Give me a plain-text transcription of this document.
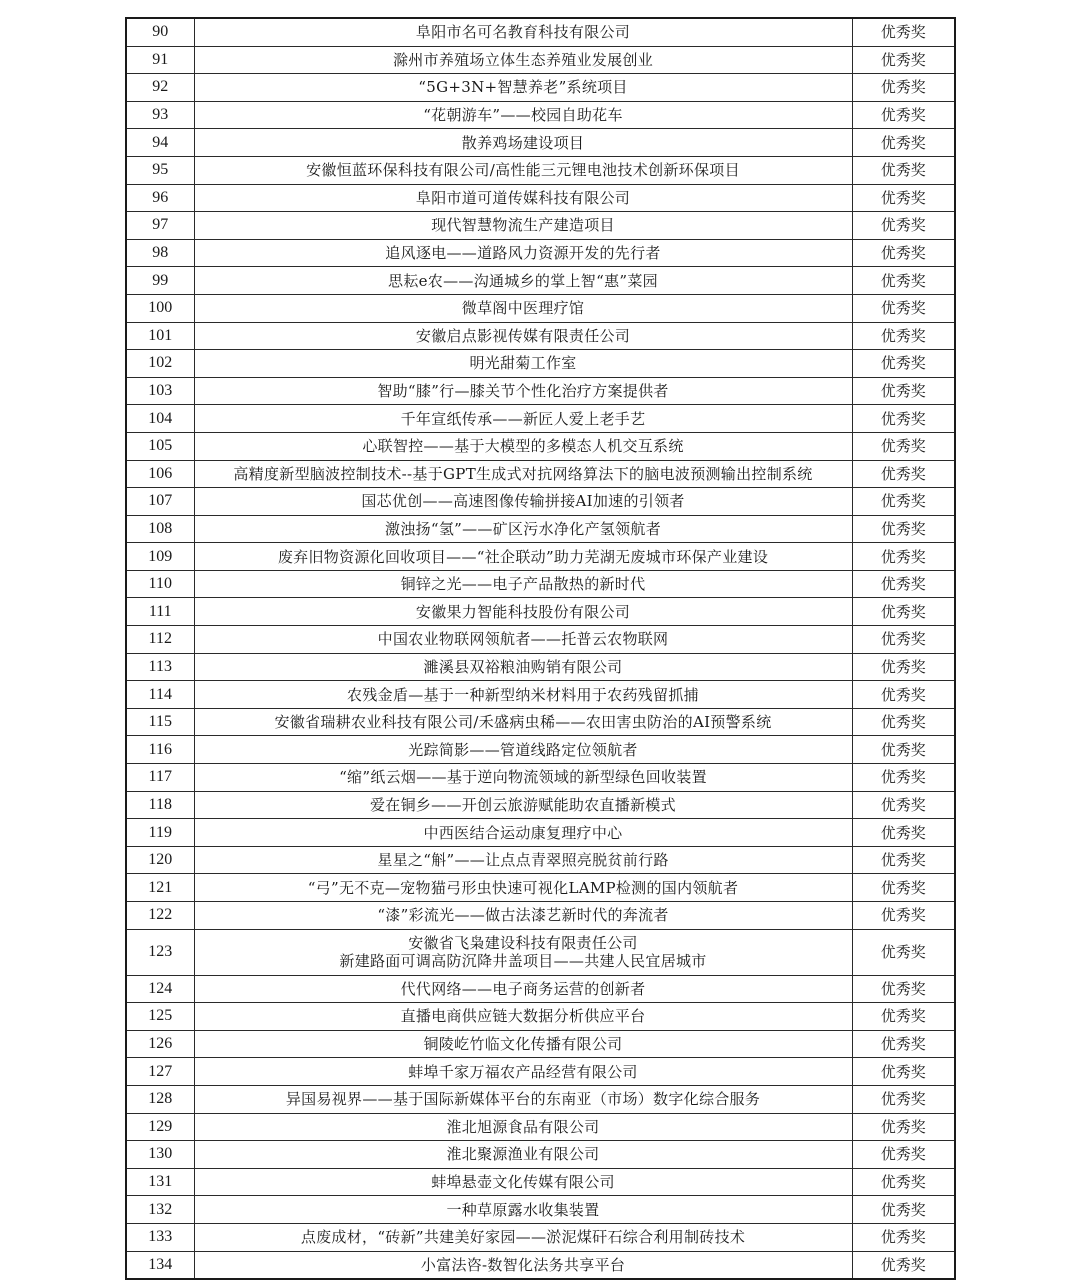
90	阜阳市名可名教育科技有限公司	优秀奖
91	滁州市养殖场立体生态养殖业发展创业	优秀奖
92	“5G+3N+智慧养老”系统项目	优秀奖
93	“花朝游车”——校园自助花车	优秀奖
94	散养鸡场建设项目	优秀奖
95	安徽恒蓝环保科技有限公司/高性能三元锂电池技术创新环保项目	优秀奖
96	阜阳市道可道传媒科技有限公司	优秀奖
97	现代智慧物流生产建造项目	优秀奖
98	追风逐电——道路风力资源开发的先行者	优秀奖
99	思耘e农——沟通城乡的掌上智“惠”菜园	优秀奖
100	微草阁中医理疗馆	优秀奖
101	安徽启点影视传媒有限责任公司	优秀奖
102	明光甜菊工作室	优秀奖
103	智助“膝”行—膝关节个性化治疗方案提供者	优秀奖
104	千年宣纸传承——新匠人爱上老手艺	优秀奖
105	心联智控——基于大模型的多模态人机交互系统	优秀奖
106	高精度新型脑波控制技术--基于GPT生成式对抗网络算法下的脑电波预测输出控制系统	优秀奖
107	国芯优创——高速图像传输拼接AI加速的引领者	优秀奖
108	激浊扬“氢”——矿区污水净化产氢领航者	优秀奖
109	废弃旧物资源化回收项目——“社企联动”助力芜湖无废城市环保产业建设	优秀奖
110	铜锌之光——电子产品散热的新时代	优秀奖
111	安徽果力智能科技股份有限公司	优秀奖
112	中国农业物联网领航者——托普云农物联网	优秀奖
113	濉溪县双裕粮油购销有限公司	优秀奖
114	农残金盾—基于一种新型纳米材料用于农药残留抓捕	优秀奖
115	安徽省瑞耕农业科技有限公司/禾盛病虫稀——农田害虫防治的AI预警系统	优秀奖
116	光踪简影——管道线路定位领航者	优秀奖
117	“缩”纸云烟——基于逆向物流领域的新型绿色回收装置	优秀奖
118	爱在铜乡——开创云旅游赋能助农直播新模式	优秀奖
119	中西医结合运动康复理疗中心	优秀奖
120	星星之“斛”——让点点青翠照亮脱贫前行路	优秀奖
121	“弓”无不克—宠物猫弓形虫快速可视化LAMP检测的国内领航者	优秀奖
122	“漆”彩流光——做古法漆艺新时代的奔流者	优秀奖
123	安徽省飞枭建设科技有限责任公司
新建路面可调高防沉降井盖项目——共建人民宜居城市	优秀奖
124	代代网络——电子商务运营的创新者	优秀奖
125	直播电商供应链大数据分析供应平台	优秀奖
126	铜陵屹竹临文化传播有限公司	优秀奖
127	蚌埠千家万福农产品经营有限公司	优秀奖
128	异国易视界——基于国际新媒体平台的东南亚（市场）数字化综合服务	优秀奖
129	淮北旭源食品有限公司	优秀奖
130	淮北聚源渔业有限公司	优秀奖
131	蚌埠悬壶文化传媒有限公司	优秀奖
132	一种草原露水收集装置	优秀奖
133	点废成材，“砖新”共建美好家园——淤泥煤矸石综合利用制砖技术	优秀奖
134	小富法咨-数智化法务共享平台	优秀奖
